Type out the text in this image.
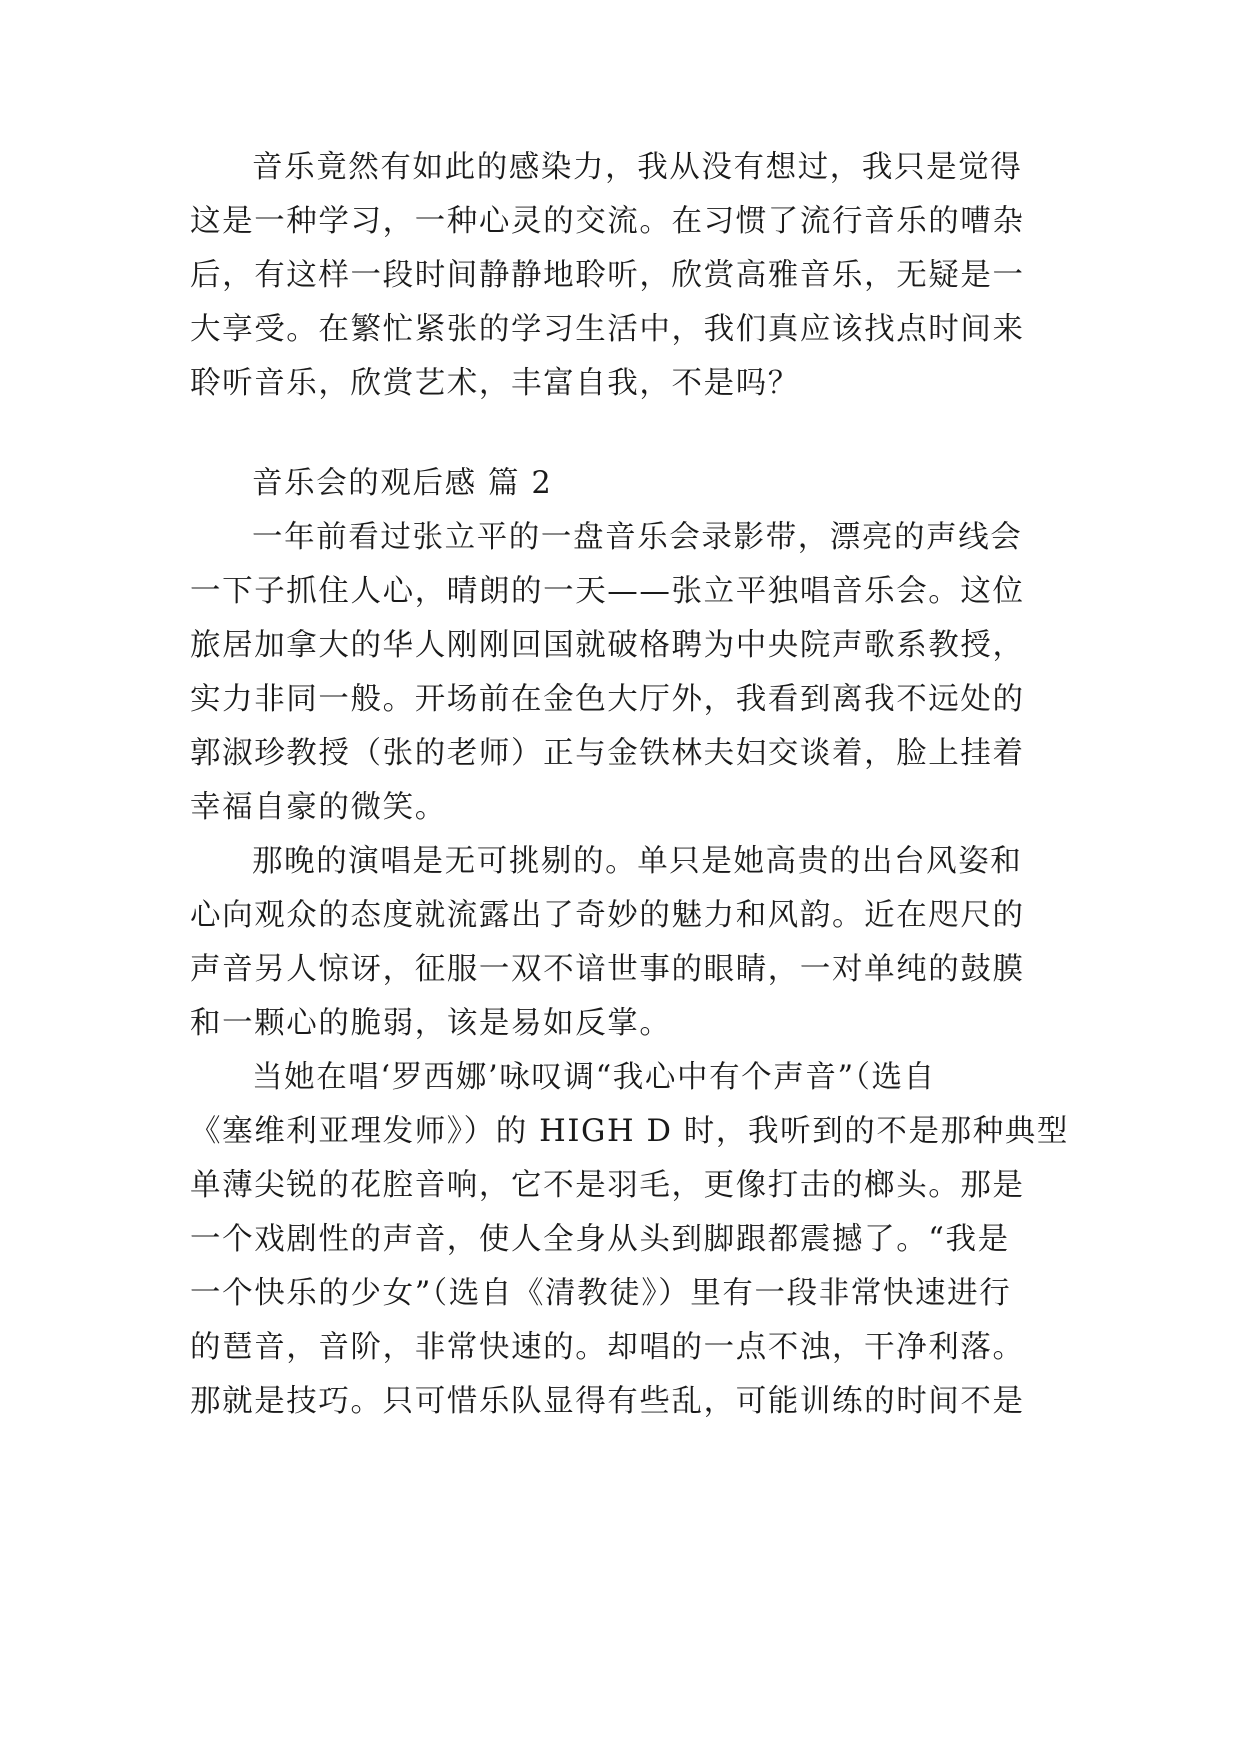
音乐竟然有如此的感染力，我从没有想过，我只是觉得
这是一种学习，一种心灵的交流。在习惯了流行音乐的嘈杂
后，有这样一段时间静静地聆听，欣赏高雅音乐，无疑是一
大享受。在繁忙紧张的学习生活中，我们真应该找点时间来
聆听音乐，欣赏艺术，丰富自我，不是吗？
音乐会的观后感 篇 2
一年前看过张立平的一盘音乐会录影带，漂亮的声线会
一下子抓住人心，晴朗的一天——张立平独唱音乐会。这位
旅居加拿大的华人刚刚回国就破格聘为中央院声歌系教授，
实力非同一般。开场前在金色大厅外，我看到离我不远处的
郭淑珍教授（张的老师）正与金铁林夫妇交谈着，脸上挂着
幸福自豪的微笑。
那晚的演唱是无可挑剔的。单只是她高贵的出台风姿和
心向观众的态度就流露出了奇妙的魅力和风韵。近在咫尺的
声音另人惊讶，征服一双不谙世事的眼睛，一对单纯的鼓膜
和一颗心的脆弱，该是易如反掌。
当她在唱‘罗西娜’咏叹调“我心中有个声音”（选自
《塞维利亚理发师》）的 HIGH D 时，我听到的不是那种典型
单薄尖锐的花腔音响，它不是羽毛，更像打击的榔头。那是
一个戏剧性的声音，使人全身从头到脚跟都震撼了。“我是
一个快乐的少女”（选自《清教徒》）里有一段非常快速进行
的琶音，音阶，非常快速的。却唱的一点不浊，干净利落。
那就是技巧。只可惜乐队显得有些乱，可能训练的时间不是
